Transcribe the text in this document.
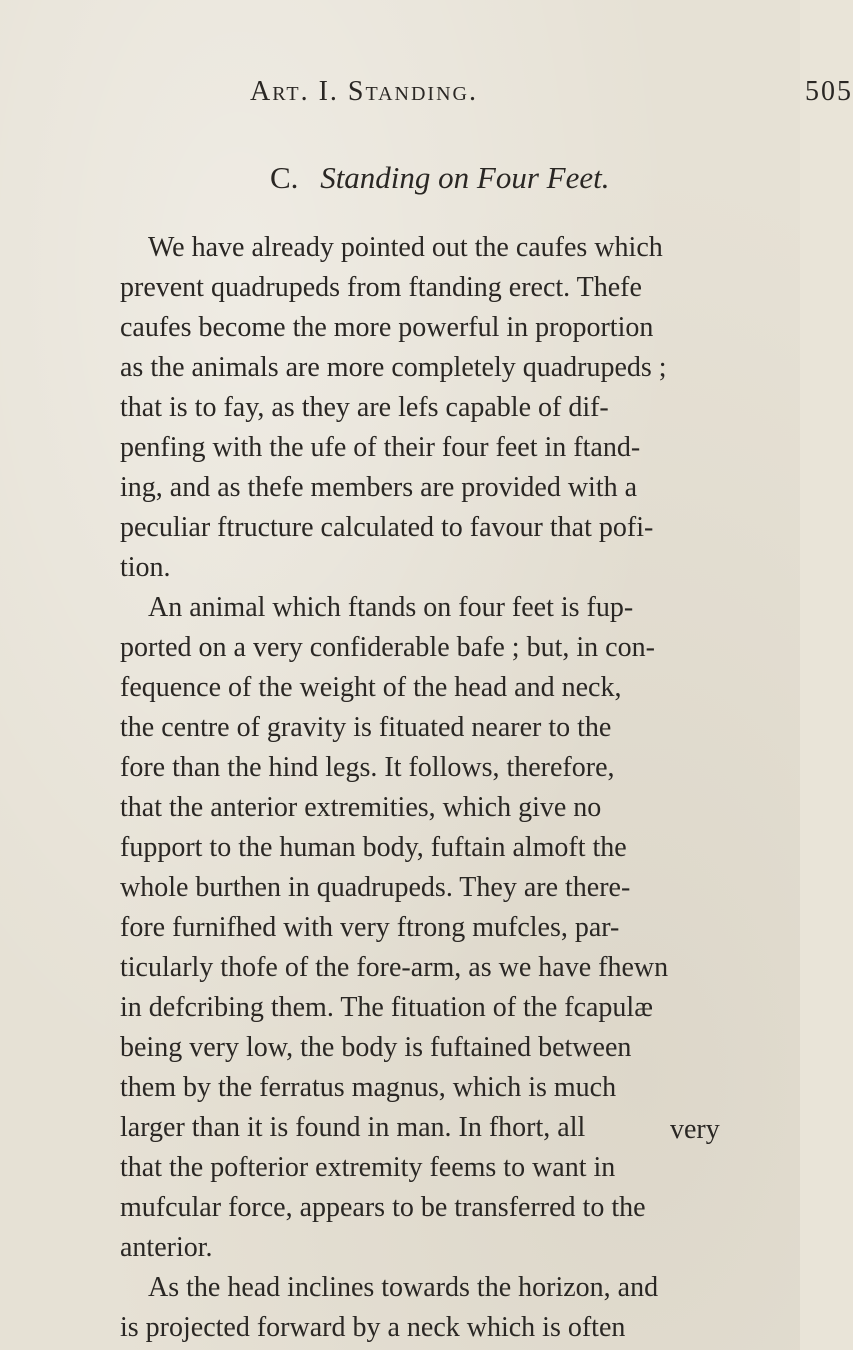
Art. I. Standing.	505
C. Standing on Four Feet.
We have already pointed out the caufes which
prevent quadrupeds from ftanding erect. Thefe
caufes become the more powerful in proportion
as the animals are more completely quadrupeds ;
that is to fay, as they are lefs capable of dif-
penfing with the ufe of their four feet in ftand-
ing, and as thefe members are provided with a
peculiar ftructure calculated to favour that pofi-
tion.
An animal which ftands on four feet is fup-
ported on a very confiderable bafe ; but, in con-
fequence of the weight of the head and neck,
the centre of gravity is fituated nearer to the
fore than the hind legs. It follows, therefore,
that the anterior extremities, which give no
fupport to the human body, fuftain almoft the
whole burthen in quadrupeds. They are there-
fore furnifhed with very ftrong mufcles, par-
ticularly thofe of the fore-arm, as we have fhewn
in defcribing them. The fituation of the fcapulæ
being very low, the body is fuftained between
them by the ferratus magnus, which is much
larger than it is found in man. In fhort, all
that the pofterior extremity feems to want in
mufcular force, appears to be transferred to the
anterior.
As the head inclines towards the horizon, and
is projected forward by a neck which is often
very
